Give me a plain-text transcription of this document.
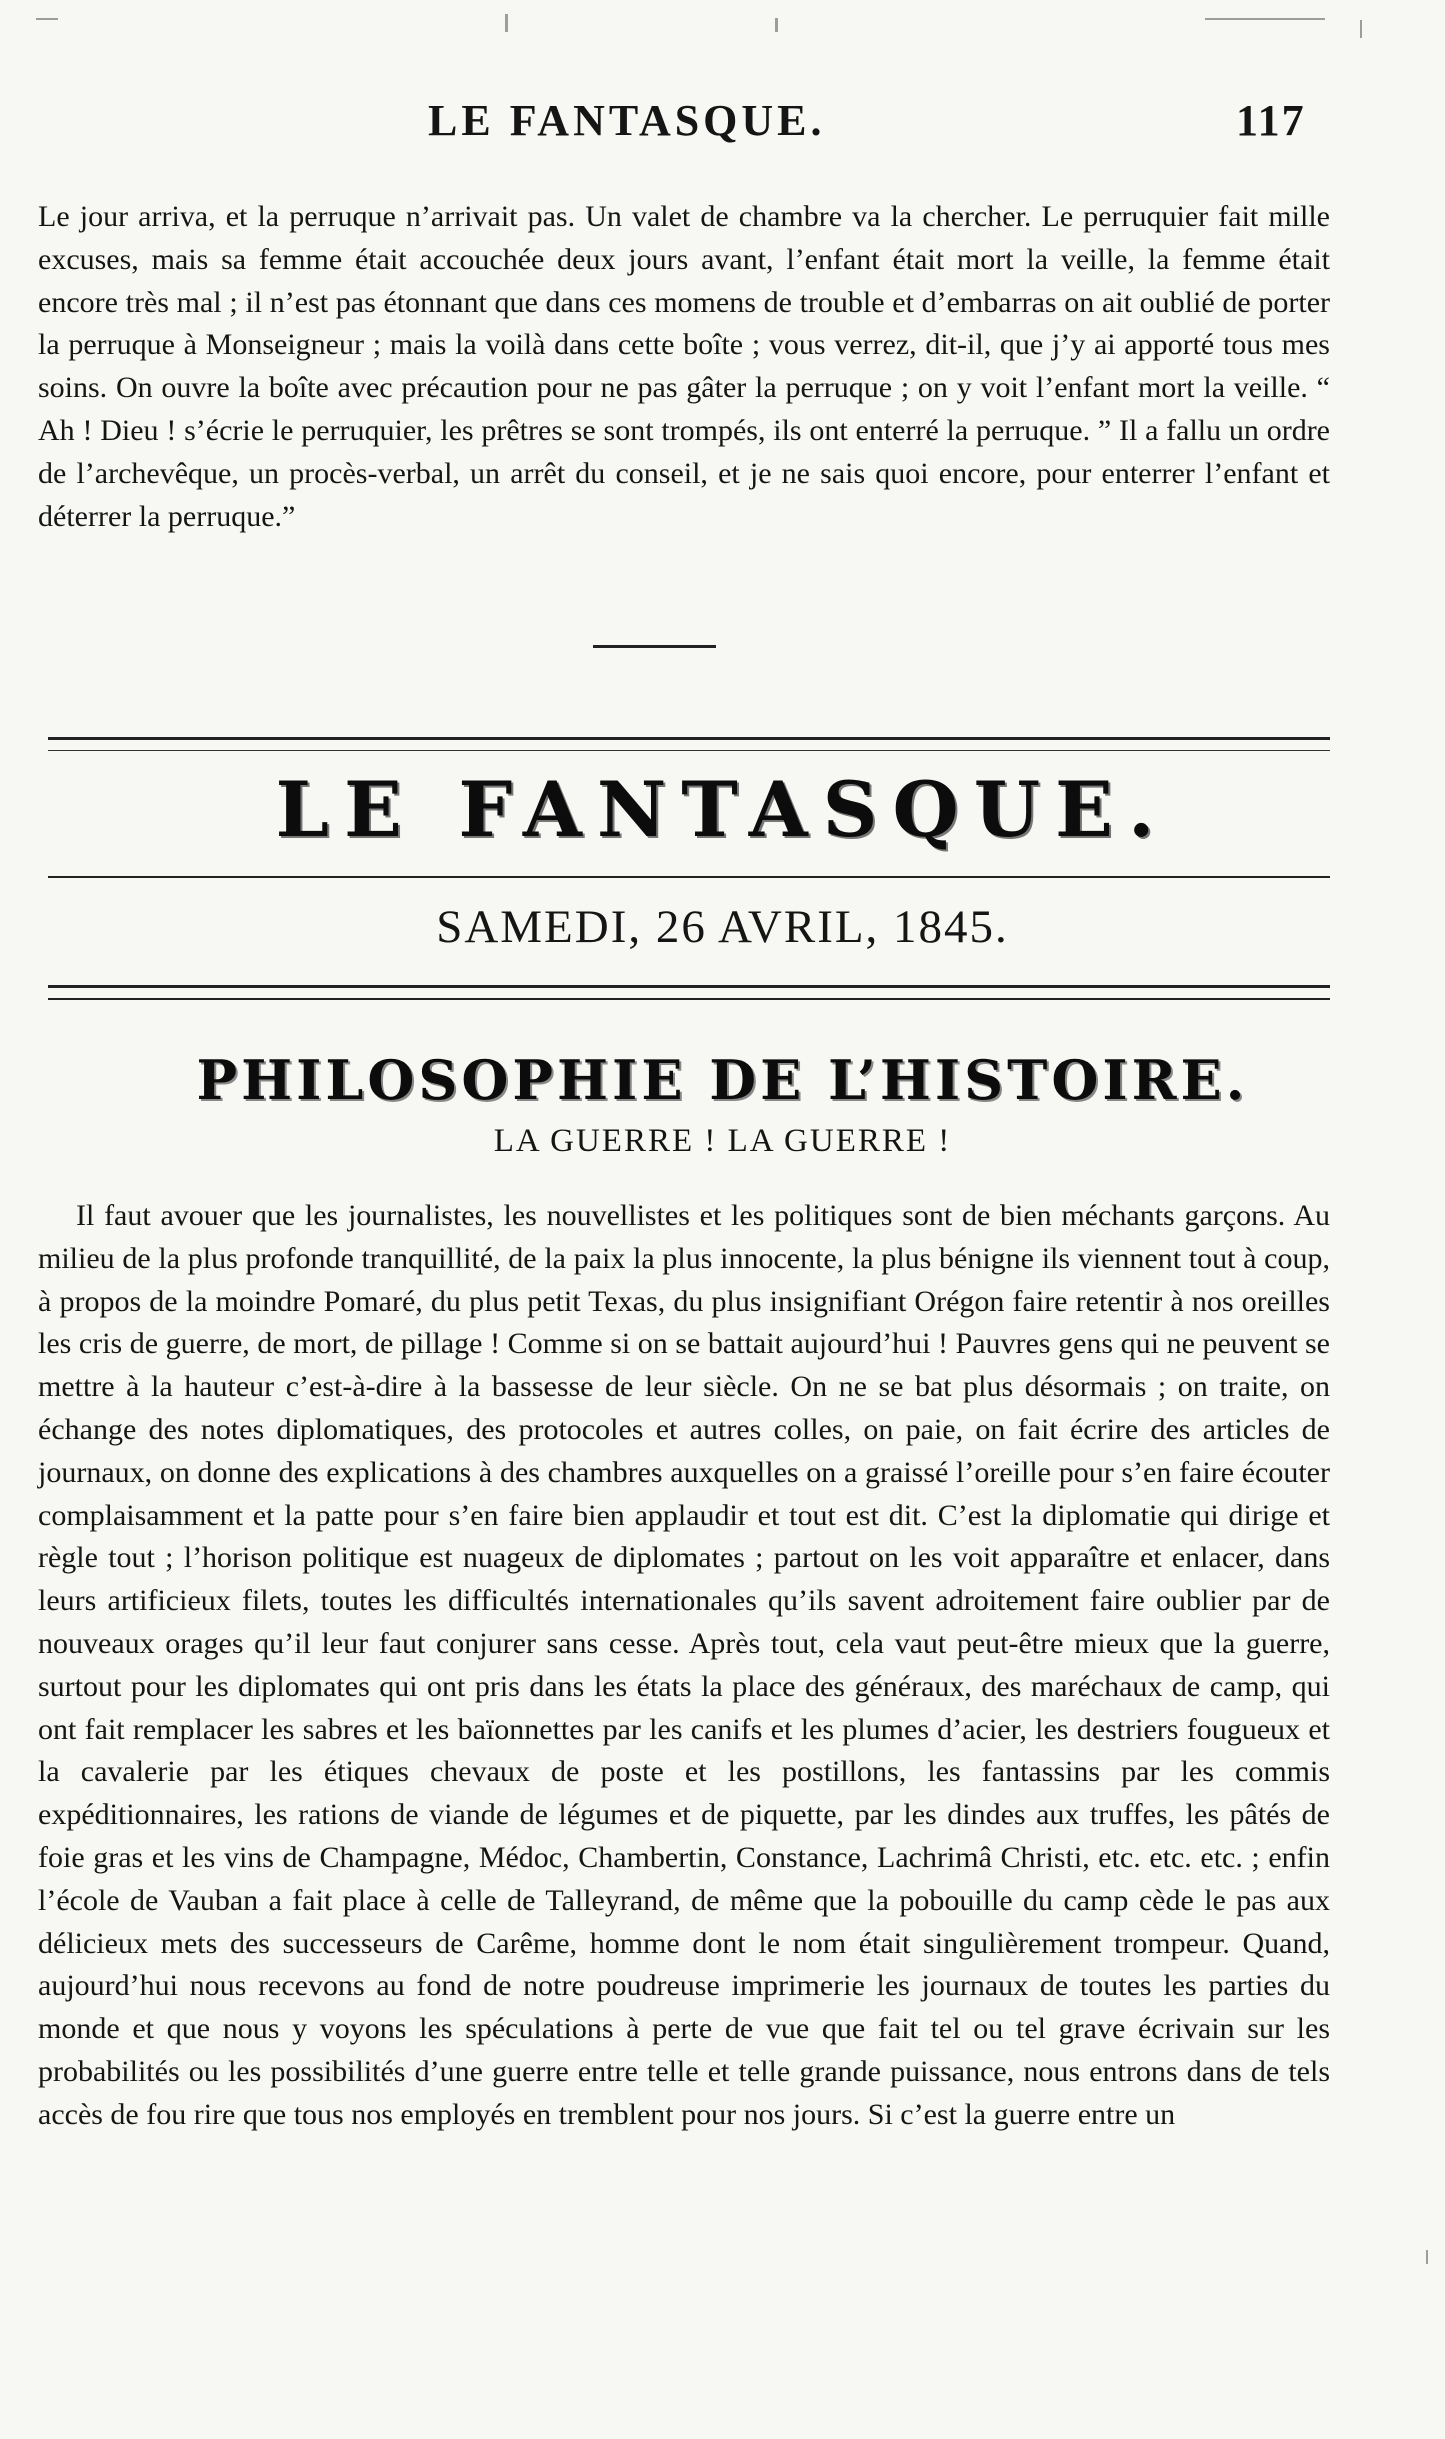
LE FANTASQUE.	117

Le jour arriva, et la perruque n’arrivait pas. Un valet de chambre va la chercher. Le perruquier fait mille excuses, mais sa femme était accouchée deux jours avant, l’enfant était mort la veille, la femme était encore très mal ; il n’est pas étonnant que dans ces momens de trouble et d’embarras on ait oublié de porter la perruque à Monseigneur ; mais la voilà dans cette boîte ; vous verrez, dit-il, que j’y ai apporté tous mes soins. On ouvre la boîte avec précaution pour ne pas gâter la perruque ; on y voit l’enfant mort la veille. “ Ah ! Dieu ! s’écrie le perruquier, les prêtres se sont trompés, ils ont enterré la perruque. ” Il a fallu un ordre de l’archevêque, un procès-verbal, un arrêt du conseil, et je ne sais quoi encore, pour enterrer l’enfant et déterrer la perruque.”

LE FANTASQUE.
SAMEDI, 26 AVRIL, 1845.
PHILOSOPHIE DE L’HISTOIRE.
LA GUERRE ! LA GUERRE !

Il faut avouer que les journalistes, les nouvellistes et les politiques sont de bien méchants garçons. Au milieu de la plus profonde tranquillité, de la paix la plus innocente, la plus bénigne ils viennent tout à coup, à propos de la moindre Pomaré, du plus petit Texas, du plus insignifiant Orégon faire retentir à nos oreilles les cris de guerre, de mort, de pillage ! Comme si on se battait aujourd’hui ! Pauvres gens qui ne peuvent se mettre à la hauteur c’est-à-dire à la bassesse de leur siècle. On ne se bat plus désormais ; on traite, on échange des notes diplomatiques, des protocoles et autres colles, on paie, on fait écrire des articles de journaux, on donne des explications à des chambres auxquelles on a graissé l’oreille pour s’en faire écouter complaisamment et la patte pour s’en faire bien applaudir et tout est dit. C’est la diplomatie qui dirige et règle tout ; l’horison politique est nuageux de diplomates ; partout on les voit apparaître et enlacer, dans leurs artificieux filets, toutes les difficultés internationales qu’ils savent adroitement faire oublier par de nouveaux orages qu’il leur faut conjurer sans cesse. Après tout, cela vaut peut-être mieux que la guerre, surtout pour les diplomates qui ont pris dans les états la place des généraux, des maréchaux de camp, qui ont fait remplacer les sabres et les baïonnettes par les canifs et les plumes d’acier, les destriers fougueux et la cavalerie par les étiques chevaux de poste et les postillons, les fantassins par les commis expéditionnaires, les rations de viande de légumes et de piquette, par les dindes aux truffes, les pâtés de foie gras et les vins de Champagne, Médoc, Chambertin, Constance, Lachrimâ Christi, etc. etc. etc. ; enfin l’école de Vauban a fait place à celle de Talleyrand, de même que la pobouille du camp cède le pas aux délicieux mets des successeurs de Carême, homme dont le nom était singulièrement trompeur. Quand, aujourd’hui nous recevons au fond de notre poudreuse imprimerie les journaux de toutes les parties du monde et que nous y voyons les spéculations à perte de vue que fait tel ou tel grave écrivain sur les probabilités ou les possibilités d’une guerre entre telle et telle grande puissance, nous entrons dans de tels accès de fou rire que tous nos employés en tremblent pour nos jours. Si c’est la guerre entre un
